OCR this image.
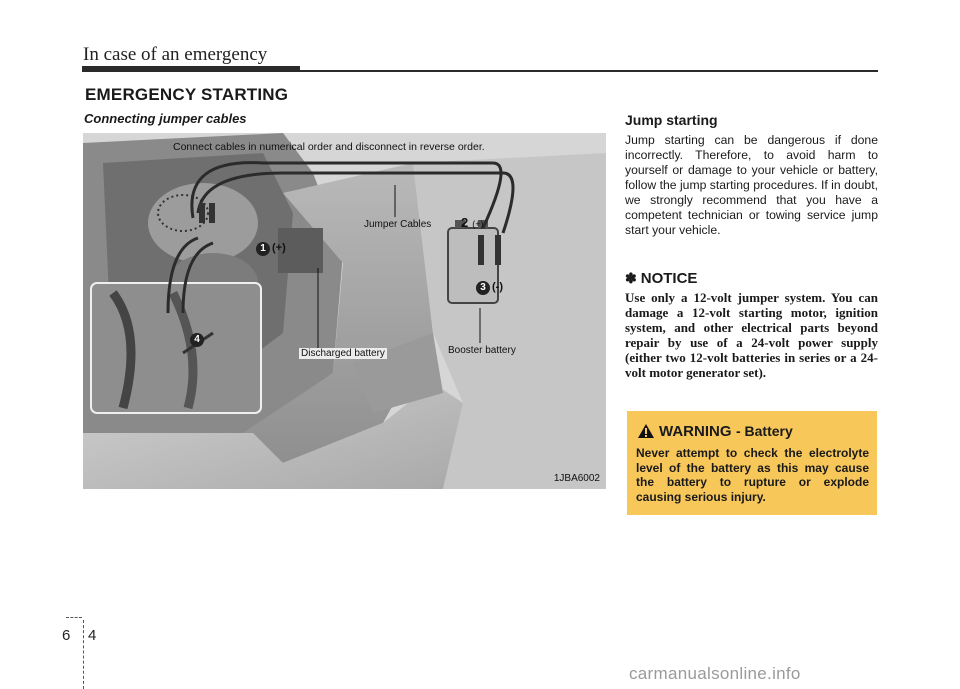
In case of an emergency
EMERGENCY STARTING
Connecting jumper cables
Connect cables in numerical order and disconnect in reverse order.
Jumper Cables
Discharged battery	Booster battery
1JBA6002
1 (+)
2 (+)
3 (-)
4
Jump starting
Jump starting can be dangerous if done incorrectly. Therefore, to avoid harm to yourself or damage to your vehicle or battery, follow the jump starting procedures. If in doubt, we strongly recommend that you have a competent technician or towing service jump start your vehicle.
✽ NOTICE
Use only a 12-volt jumper system. You can damage a 12-volt starting motor, ignition system, and other electrical parts beyond repair by use of a 24-volt power supply (either two 12-volt batteries in series or a 24-volt motor generator set).
WARNING - Battery
Never attempt to check the electrolyte level of the battery as this may cause the battery to rupture or explode causing serious injury.
6 4
carmanualsonline.info
